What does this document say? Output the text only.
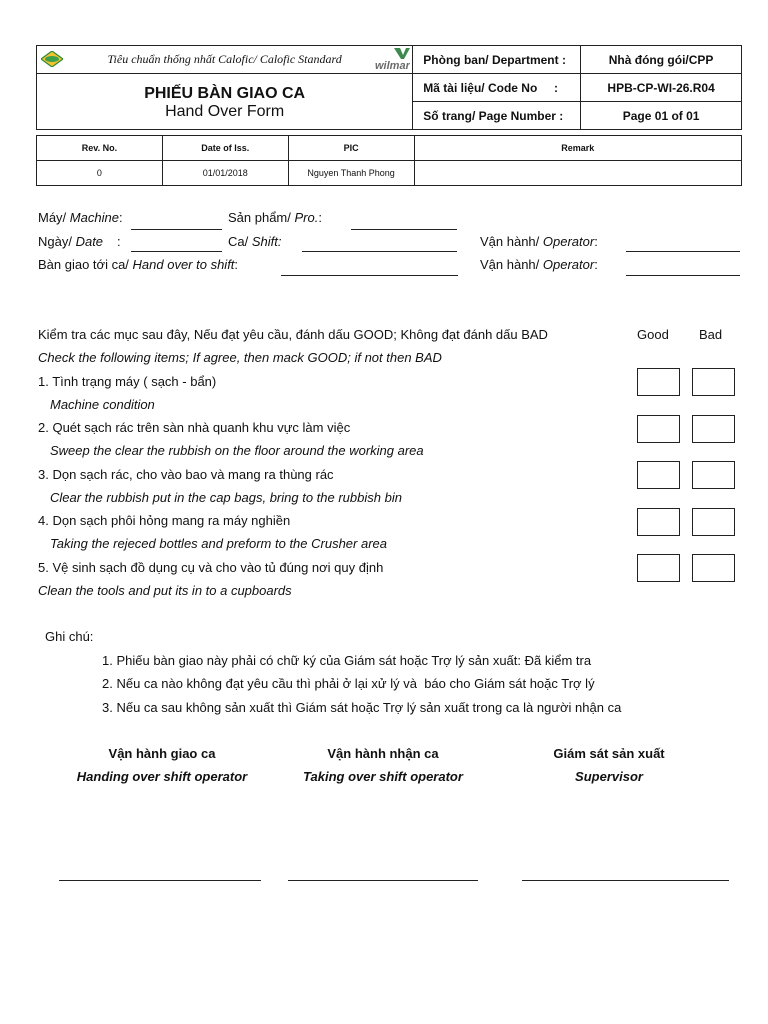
Tiêu chuẩn thống nhất Calofic/ Calofic Standard wilmar	Phòng ban/ Department :	Nhà đóng gói/CPP

PHIẾU BÀN GIAO CA
Hand Over Form	Mã tài liệu/ Code No     :	HPB-CP-WI-26.R04
	Số trang/ Page Number :	Page 01 of 01
Rev. No.	Date of Iss.	PIC	Remark
0	01/01/2018	Nguyen Thanh Phong	
Máy/ Machine:	Sản phẩm/ Pro.:
Ngày/ Date :	Ca/ Shift:	Vận hành/ Operator:
Bàn giao tới ca/ Hand over to shift:	Vận hành/ Operator:
Kiểm tra các mục sau đây, Nếu đạt yêu cầu, đánh dấu GOOD; Không đạt đánh dấu BAD
Check the following items; If agree, then mack GOOD; if not then BAD
Good Bad
1. Tình trạng máy ( sạch - bẩn)
Machine condition
2. Quét sạch rác trên sàn nhà quanh khu vực làm việc
Sweep the clear the rubbish on the floor around the working area
3. Dọn sạch rác, cho vào bao và mang ra thùng rác
Clear the rubbish put in the cap bags, bring to the rubbish bin
4. Dọn sạch phôi hỏng mang ra máy nghiền
Taking the rejeced bottles and preform to the Crusher area
5. Vệ sinh sạch đồ dụng cụ và cho vào tủ đúng nơi quy định
Clean the tools and put its in to a cupboards
Ghi chú:
1. Phiếu bàn giao này phải có chữ ký của Giám sát hoặc Trợ lý sản xuất: Đã kiểm tra
2. Nếu ca nào không đạt yêu cầu thì phải ở lại xử lý và  báo cho Giám sát hoặc Trợ lý
3. Nếu ca sau không sản xuất thì Giám sát hoặc Trợ lý sản xuất trong ca là người nhận ca
Vận hành giao ca
Handing over shift operator
Vận hành nhận ca
Taking over shift operator
Giám sát sản xuất
Supervisor
